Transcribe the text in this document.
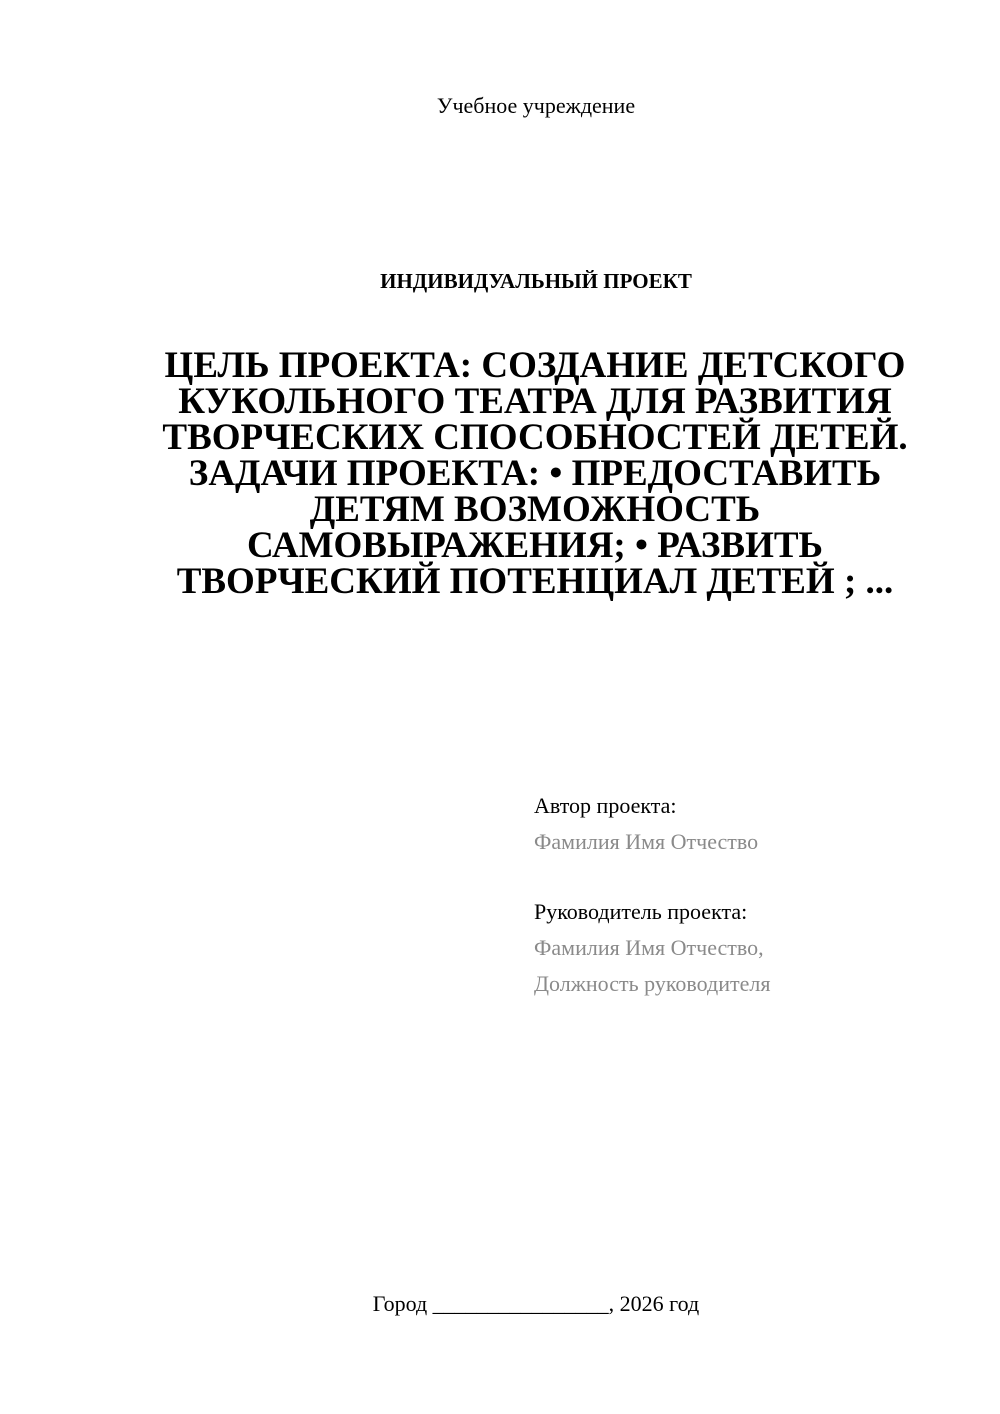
Учебное учреждение
ИНДИВИДУАЛЬНЫЙ ПРОЕКТ
ЦЕЛЬ ПРОЕКТА: СОЗДАНИЕ ДЕТСКОГО КУКОЛЬНОГО ТЕАТРА ДЛЯ РАЗВИТИЯ ТВОРЧЕСКИХ СПОСОБНОСТЕЙ ДЕТЕЙ. ЗАДАЧИ ПРОЕКТА: • ПРЕДОСТАВИТЬ ДЕТЯМ ВОЗМОЖНОСТЬ САМОВЫРАЖЕНИЯ; • РАЗВИТЬ ТВОРЧЕСКИЙ ПОТЕНЦИАЛ ДЕТЕЙ ; ...
Автор проекта:
Фамилия Имя Отчество
Руководитель проекта:
Фамилия Имя Отчество,
Должность руководителя
Город ________________, 2026 год
